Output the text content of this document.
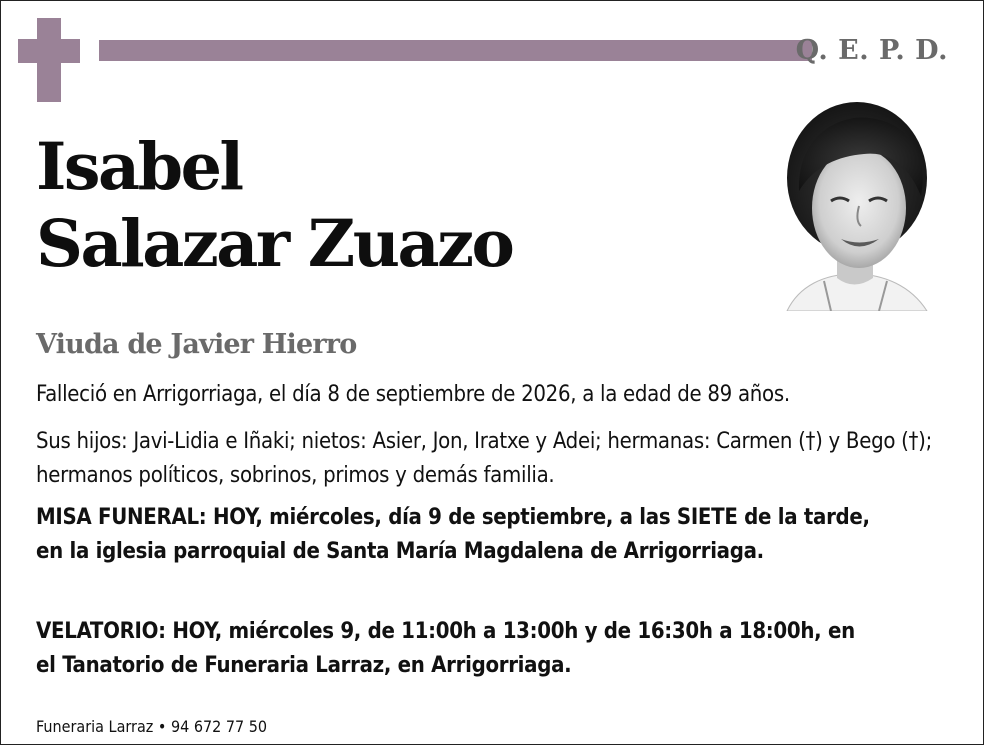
Q. E. P. D.
Isabel
Salazar Zuazo
Viuda de Javier Hierro
Falleció en Arrigorriaga, el día 8 de septiembre de 2026, a la edad de 89 años.
Sus hijos: Javi-Lidia e Iñaki; nietos: Asier, Jon, Iratxe y Adei; hermanas: Carmen (†) y Bego (†); hermanos políticos, sobrinos, primos y demás familia.
MISA FUNERAL: HOY, miércoles, día 9 de septiembre, a las SIETE de la tarde, en la iglesia parroquial de Santa María Magdalena de Arrigorriaga.
VELATORIO: HOY, miércoles 9, de 11:00h a 13:00h y de 16:30h a 18:00h, en el Tanatorio de Funeraria Larraz, en Arrigorriaga.
Funeraria Larraz • 94 672 77 50
